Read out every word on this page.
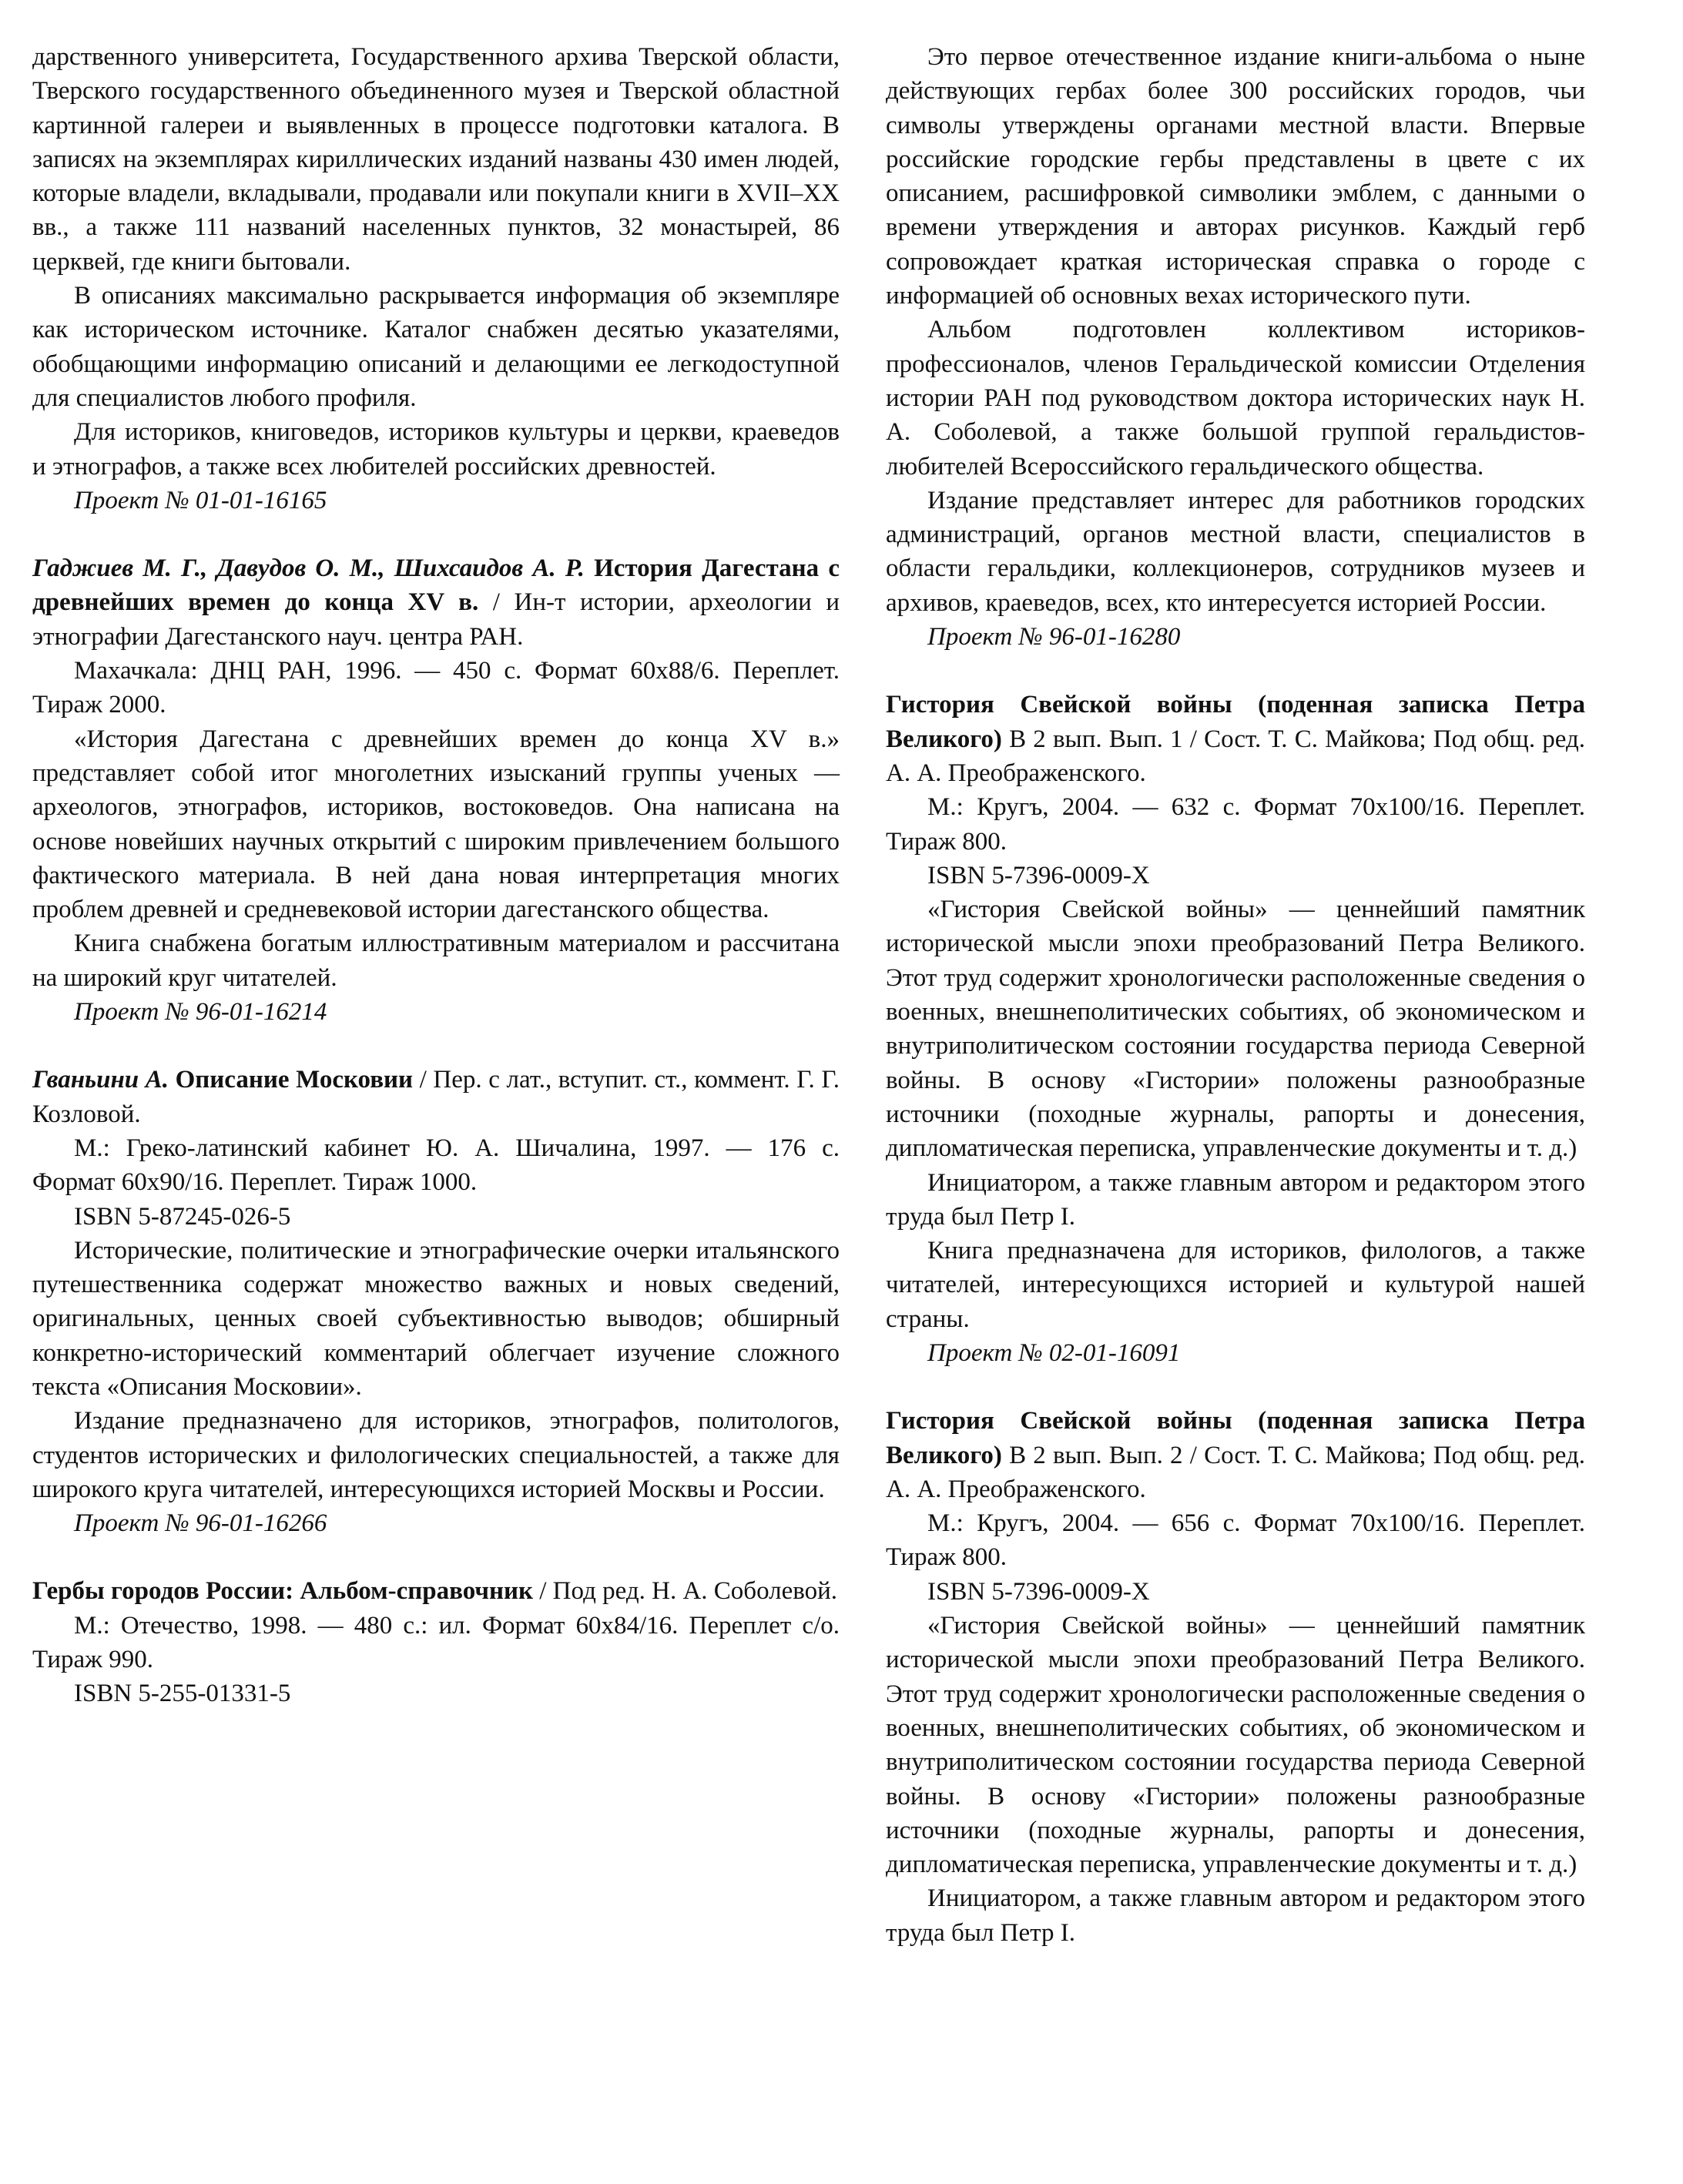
дарственного университета, Государственного архива Тверской области, Тверского государственного объединенного музея и Тверской областной картинной галереи и выявленных в процессе подготовки каталога. В записях на экземплярах кириллических изданий названы 430 имен людей, которые владели, вкладывали, продавали или покупали книги в XVII–XX вв., а также 111 названий населенных пунктов, 32 монастырей, 86 церквей, где книги бытовали.

В описаниях максимально раскрывается информация об экземпляре как историческом источнике. Каталог снабжен десятью указателями, обобщающими информацию описаний и делающими ее легкодоступной для специалистов любого профиля.

Для историков, книговедов, историков культуры и церкви, краеведов и этнографов, а также всех любителей российских древностей.

Проект № 01-01-16165

Гаджиев М. Г., Давудов О. М., Шихсаидов А. Р. История Дагестана с древнейших времен до конца XV в. / Ин-т истории, археологии и этнографии Дагестанского науч. центра РАН.

Махачкала: ДНЦ РАН, 1996. — 450 с. Формат 60х88/6. Переплет. Тираж 2000.

«История Дагестана с древнейших времен до конца XV в.» представляет собой итог многолетних изысканий группы ученых — археологов, этнографов, историков, востоковедов. Она написана на основе новейших научных открытий с широким привлечением большого фактического материала. В ней дана новая интерпретация многих проблем древней и средневековой истории дагестанского общества.

Книга снабжена богатым иллюстративным материалом и рассчитана на широкий круг читателей.

Проект № 96-01-16214

Гваньини А. Описание Московии / Пер. с лат., вступит. ст., коммент. Г. Г. Козловой.

М.: Греко-латинский кабинет Ю. А. Шичалина, 1997. — 176 с. Формат 60х90/16. Переплет. Тираж 1000.

ISBN 5-87245-026-5

Исторические, политические и этнографические очерки итальянского путешественника содержат множество важных и новых сведений, оригинальных, ценных своей субъективностью выводов; обширный конкретно-исторический комментарий облегчает изучение сложного текста «Описания Московии».

Издание предназначено для историков, этнографов, политологов, студентов исторических и филологических специальностей, а также для широкого круга читателей, интересующихся историей Москвы и России.

Проект № 96-01-16266

Гербы городов России: Альбом-справочник / Под ред. Н. А. Соболевой.

М.: Отечество, 1998. — 480 с.: ил. Формат 60х84/16. Переплет с/о. Тираж 990.

ISBN 5-255-01331-5

Это первое отечественное издание книги-альбома о ныне действующих гербах более 300 российских городов, чьи символы утверждены органами местной власти. Впервые российские городские гербы представлены в цвете с их описанием, расшифровкой символики эмблем, с данными о времени утверждения и авторах рисунков. Каждый герб сопровождает краткая историческая справка о городе с информацией об основных вехах исторического пути.

Альбом подготовлен коллективом историков-профессионалов, членов Геральдической комиссии Отделения истории РАН под руководством доктора исторических наук Н. А. Соболевой, а также большой группой геральдистов-любителей Всероссийского геральдического общества.

Издание представляет интерес для работников городских администраций, органов местной власти, специалистов в области геральдики, коллекционеров, сотрудников музеев и архивов, краеведов, всех, кто интересуется историей России.

Проект № 96-01-16280

Гистория Свейской войны (поденная записка Петра Великого) В 2 вып. Вып. 1 / Сост. Т. С. Майкова; Под общ. ред. А. А. Преображенского.

М.: Кругъ, 2004. — 632 с. Формат 70х100/16. Переплет. Тираж 800.

ISBN 5-7396-0009-X

«Гистория Свейской войны» — ценнейший памятник исторической мысли эпохи преобразований Петра Великого. Этот труд содержит хронологически расположенные сведения о военных, внешнеполитических событиях, об экономическом и внутриполитическом состоянии государства периода Северной войны. В основу «Гистории» положены разнообразные источники (походные журналы, рапорты и донесения, дипломатическая переписка, управленческие документы и т. д.)

Инициатором, а также главным автором и редактором этого труда был Петр I.

Книга предназначена для историков, филологов, а также читателей, интересующихся историей и культурой нашей страны.

Проект № 02-01-16091

Гистория Свейской войны (поденная записка Петра Великого) В 2 вып. Вып. 2 / Сост. Т. С. Майкова; Под общ. ред. А. А. Преображенского.

М.: Кругъ, 2004. — 656 с. Формат 70х100/16. Переплет. Тираж 800.

ISBN 5-7396-0009-X

«Гистория Свейской войны» — ценнейший памятник исторической мысли эпохи преобразований Петра Великого. Этот труд содержит хронологически расположенные сведения о военных, внешнеполитических событиях, об экономическом и внутриполитическом состоянии государства периода Северной войны. В основу «Гистории» положены разнообразные источники (походные журналы, рапорты и донесения, дипломатическая переписка, управленческие документы и т. д.)

Инициатором, а также главным автором и редактором этого труда был Петр I.
